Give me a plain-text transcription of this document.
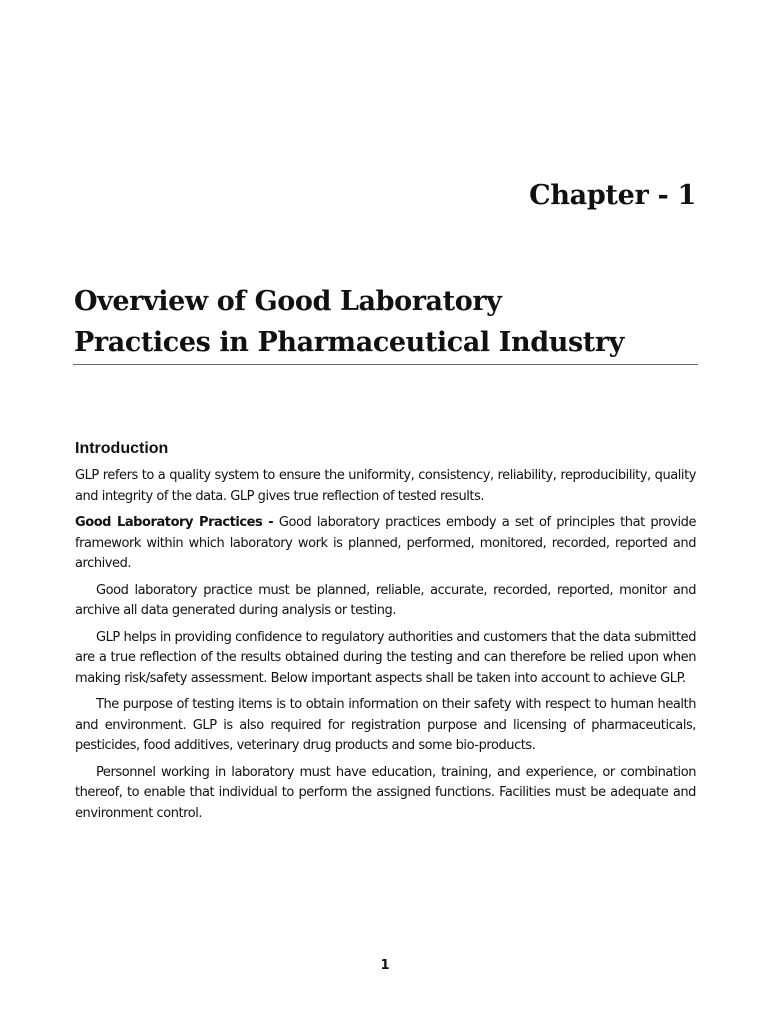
Chapter - 1
Overview of Good Laboratory
Practices in Pharmaceutical Industry
Introduction

GLP refers to a quality system to ensure the uniformity, consistency, reliability, reproducibility, quality and integrity of the data. GLP gives true reflection of tested results.

Good Laboratory Practices - Good laboratory practices embody a set of principles that provide framework within which laboratory work is planned, performed, monitored, recorded, reported and archived.

Good laboratory practice must be planned, reliable, accurate, recorded, reported, monitor and archive all data generated during analysis or testing.

GLP helps in providing confidence to regulatory authorities and customers that the data submitted are a true reflection of the results obtained during the testing and can therefore be relied upon when making risk/safety assessment. Below important aspects shall be taken into account to achieve GLP.

The purpose of testing items is to obtain information on their safety with respect to human health and environment. GLP is also required for registration purpose and licensing of pharmaceuticals, pesticides, food additives, veterinary drug products and some bio-products.

Personnel working in laboratory must have education, training, and experience, or combination thereof, to enable that individual to perform the assigned functions. Facilities must be adequate and environment control.

1
